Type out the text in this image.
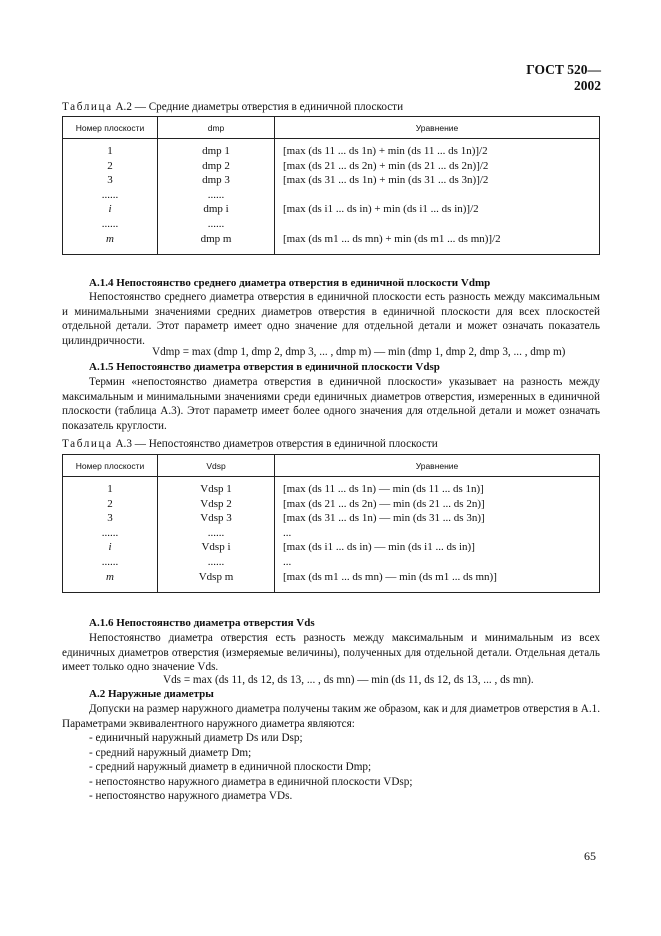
ГОСТ 520—2002
Таблица А.2 — Средние диаметры отверстия в единичной плоскости
Номер плоскости	dmp	Уравнение
1	dmp 1	[max (ds 11 ... ds 1n) + min (ds 11 ... ds 1n)]/2
2	dmp 2	[max (ds 21 ... ds 2n) + min (ds 21 ... ds 2n)]/2
3	dmp 3	[max (ds 31 ... ds 1n) + min (ds 31 ... ds 3n)]/2
......	......	
i	dmp i	[max (ds i1 ... ds in) + min (ds i1 ... ds in)]/2
......	......	
m	dmp m	[max (ds m1 ... ds mn) + min (ds m1 ... ds mn)]/2
А.1.4 Непостоянство среднего диаметра отверстия в единичной плоскости Vdmp
Непостоянство среднего диаметра отверстия в единичной плоскости есть разность между максимальным и минимальными значениями средних диаметров отверстия в единичной плоскости для всех плоскостей отдельной детали. Этот параметр имеет одно значение для отдельной детали и может означать показатель цилиндричности.
Vdmp = max (dmp 1, dmp 2, dmp 3, ... , dmp m) — min (dmp 1, dmp 2, dmp 3, ... , dmp m)
А.1.5 Непостоянство диаметра отверстия в единичной плоскости Vdsp
Термин «непостоянство диаметра отверстия в единичной плоскости» указывает на разность между максимальным и минимальными значениями среди единичных диаметров отверстия, измеренных в единичной плоскости (таблица А.3). Этот параметр имеет более одного значения для отдельной детали и может означать показатель круглости.
Таблица А.3 — Непостоянство диаметров отверстия в единичной плоскости
Номер плоскости	Vdsp	Уравнение
1	Vdsp 1	[max (ds 11 ... ds 1n) — min (ds 11 ... ds 1n)]
2	Vdsp 2	[max (ds 21 ... ds 2n) — min (ds 21 ... ds 2n)]
3	Vdsp 3	[max (ds 31 ... ds 1n) — min (ds 31 ... ds 3n)]
......	......	...
i	Vdsp i	[max (ds i1 ... ds in) — min (ds i1 ... ds in)]
......	......	...
m	Vdsp m	[max (ds m1 ... ds mn) — min (ds m1 ... ds mn)]
А.1.6 Непостоянство диаметра отверстия Vds
Непостоянство диаметра отверстия есть разность между максимальным и минимальным из всех единичных диаметров отверстия (измеряемые величины), полученных для отдельной детали. Отдельная деталь имеет только одно значение Vds.
Vds = max (ds 11, ds 12, ds 13, ... , ds mn) — min (ds 11, ds 12, ds 13, ... , ds mn).
А.2 Наружные диаметры
Допуски на размер наружного диаметра получены таким же образом, как и для диаметров отверстия в А.1. Параметрами эквивалентного наружного диаметра являются:
- единичный наружный диаметр Ds или Dsp;
- средний наружный диаметр Dm;
- средний наружный диаметр в единичной плоскости Dmp;
- непостоянство наружного диаметра в единичной плоскости VDsp;
- непостоянство наружного диаметра VDs.
65
